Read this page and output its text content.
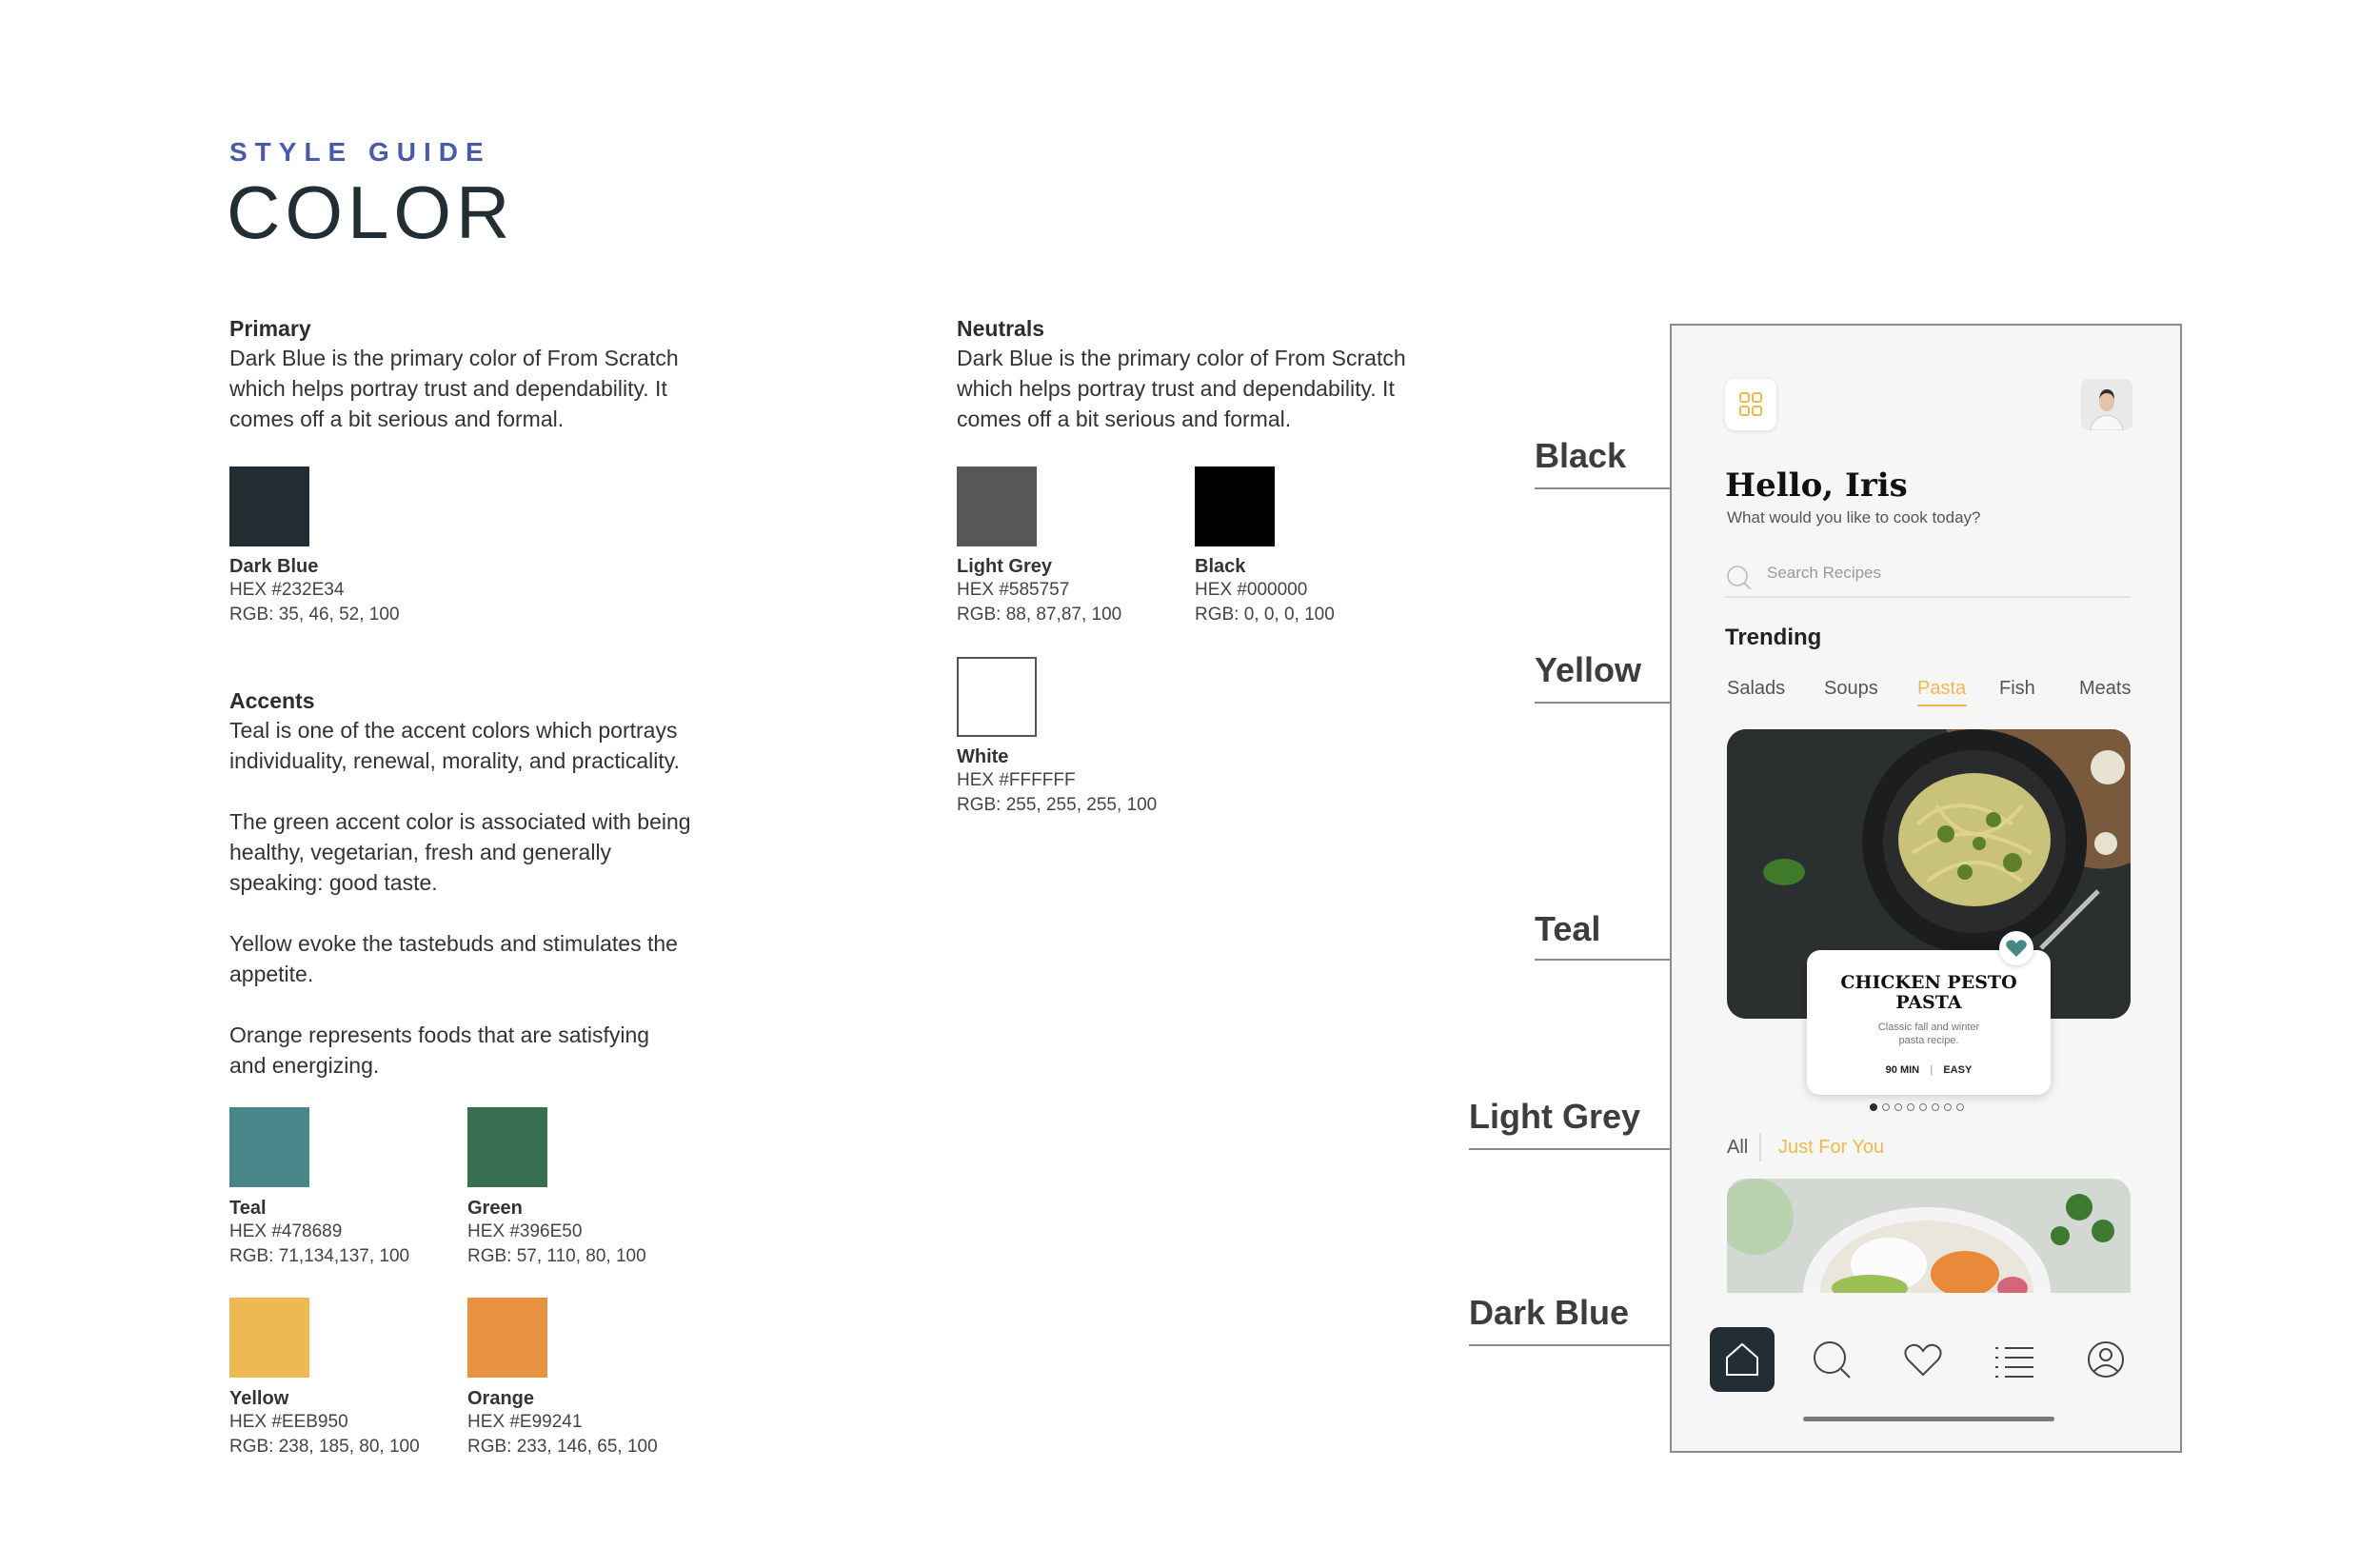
STYLE GUIDE
COLOR
Primary
Dark Blue is the primary color of From Scratch
which helps portray trust and dependability. It
comes off a bit serious and formal.
Dark Blue
HEX #232E34
RGB: 35, 46, 52, 100
Accents
Teal is one of the accent colors which portrays
individuality, renewal, morality, and practicality.
The green accent color is associated with being
healthy, vegetarian, fresh and generally
speaking: good taste.
Yellow evoke the tastebuds and stimulates the
appetite.
Orange represents foods that are satisfying
and energizing.
Teal
HEX #478689
RGB: 71,134,137, 100
Green
HEX #396E50
RGB: 57, 110, 80, 100
Yellow
HEX #EEB950
RGB: 238, 185, 80, 100
Orange
HEX #E99241
RGB: 233, 146, 65, 100
Neutrals
Dark Blue is the primary color of From Scratch
which helps portray trust and dependability. It
comes off a bit serious and formal.
Light Grey
HEX #585757
RGB: 88, 87,87, 100
Black
HEX #000000
RGB: 0, 0, 0, 100
White
HEX #FFFFFF
RGB: 255, 255, 255, 100
Black
Yellow
Teal
Light Grey
Dark Blue
Hello, Iris
What would you like to cook today?
Search Recipes
Trending
Salads Soups Pasta Fish Meats
CHICKEN PESTO
PASTA
Classic fall and winter
pasta recipe.
90 MIN | EASY
All Just For You
